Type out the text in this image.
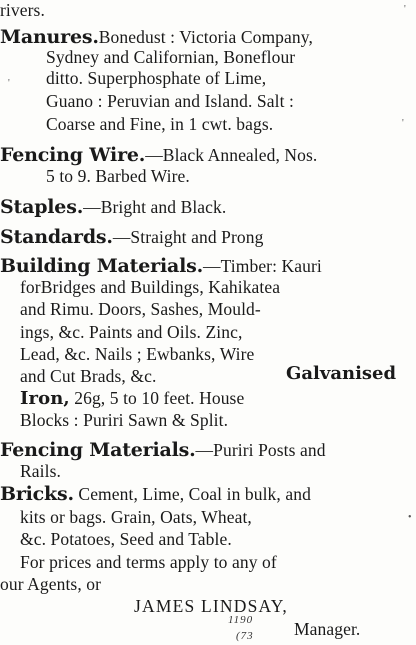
rivers.
Manures.Bonedust : Victoria Company,
Sydney and Californian, Boneflour
ditto. Superphosphate of Lime,
Guano : Peruvian and Island. Salt :
Coarse and Fine, in 1 cwt. bags.
Fencing Wire.—Black Annealed, Nos.
5 to 9. Barbed Wire.
Staples.—Bright and Black.
Standards.—Straight and Prong
Building Materials.—Timber: Kauri
forBridges and Buildings, Kahikatea
and Rimu. Doors, Sashes, Mould-
ings, &c. Paints and Oils. Zinc,
Lead, &c. Nails ; Ewbanks, Wire
and Cut Brads, &c.	Galvanised
Iron, 26g, 5 to 10 feet. House
Blocks : Puriri Sawn & Split.
Fencing Materials.—Puriri Posts and
Rails.
Bricks. Cement, Lime, Coal in bulk, and
kits or bags. Grain, Oats, Wheat,
&c. Potatoes, Seed and Table.
For prices and terms apply to any of
our Agents, or
JAMES LINDSAY,
Manager.
'
'
'
•
1190
(73
